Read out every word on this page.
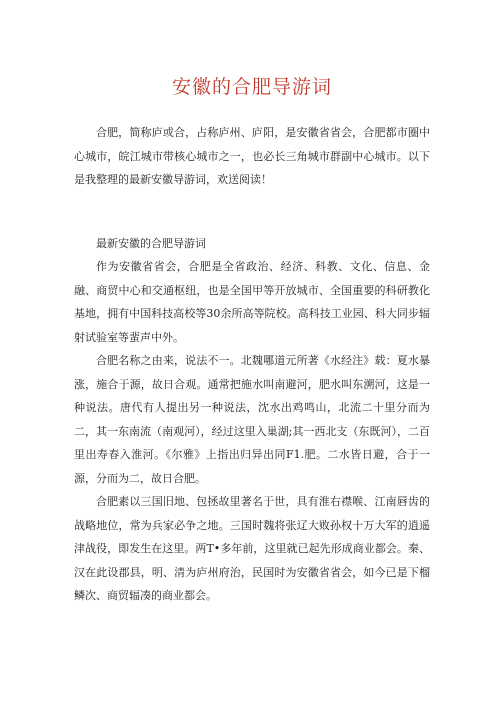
安徽的合肥导游词

合肥，简称庐或合，占称庐州、庐阳，是安徽省省会，合肥都市圈中心城市，皖江城市带核心城市之一，也必长三角城市群副中心城市。以下是我整理的最新安徽导游词，欢送阅读！

最新安徽的合肥导游词

作为安徽省省会，合肥是全省政治、经济、科教、文化、信息、金融、商贸中心和交通枢纽，也是全国甲等开放城市、全国重要的科研教化基地，拥有中国科技高校等30余所高等院校。高科技工业园、科大同步辐射试验室等蜚声中外。

合肥名称之由来，说法不一。北魏哪道元所著《水经注》载：夏水暴涨，施合于源，故日合观。通常把施水叫南避河，肥水叫东溯河，这是一种说法。唐代有人提出另一种说法，沈水出鸡鸣山，北流二十里分而为二，其一东南流（南观河），经过这里入巢湖;其一西北支（东既河），二百里出寿春入淮河。《尔雅》上指出归异出同F1.肥。二水皆日避，合于一源，分而为二，故日合肥。

合肥素以三国旧地、包拯故里著名于世，具有淮右襟喉、江南唇齿的战略地位，常为兵家必争之地。三国时魏将张辽大败孙权十万大军的逍遥津战役，即发生在这里。两T•多年前，这里就已起先形成商业都会。秦、汉在此设郡县，明、清为庐州府治，民国时为安徽省省会，如今已是下榴鳞次、商贸辐凑的商业都会。
